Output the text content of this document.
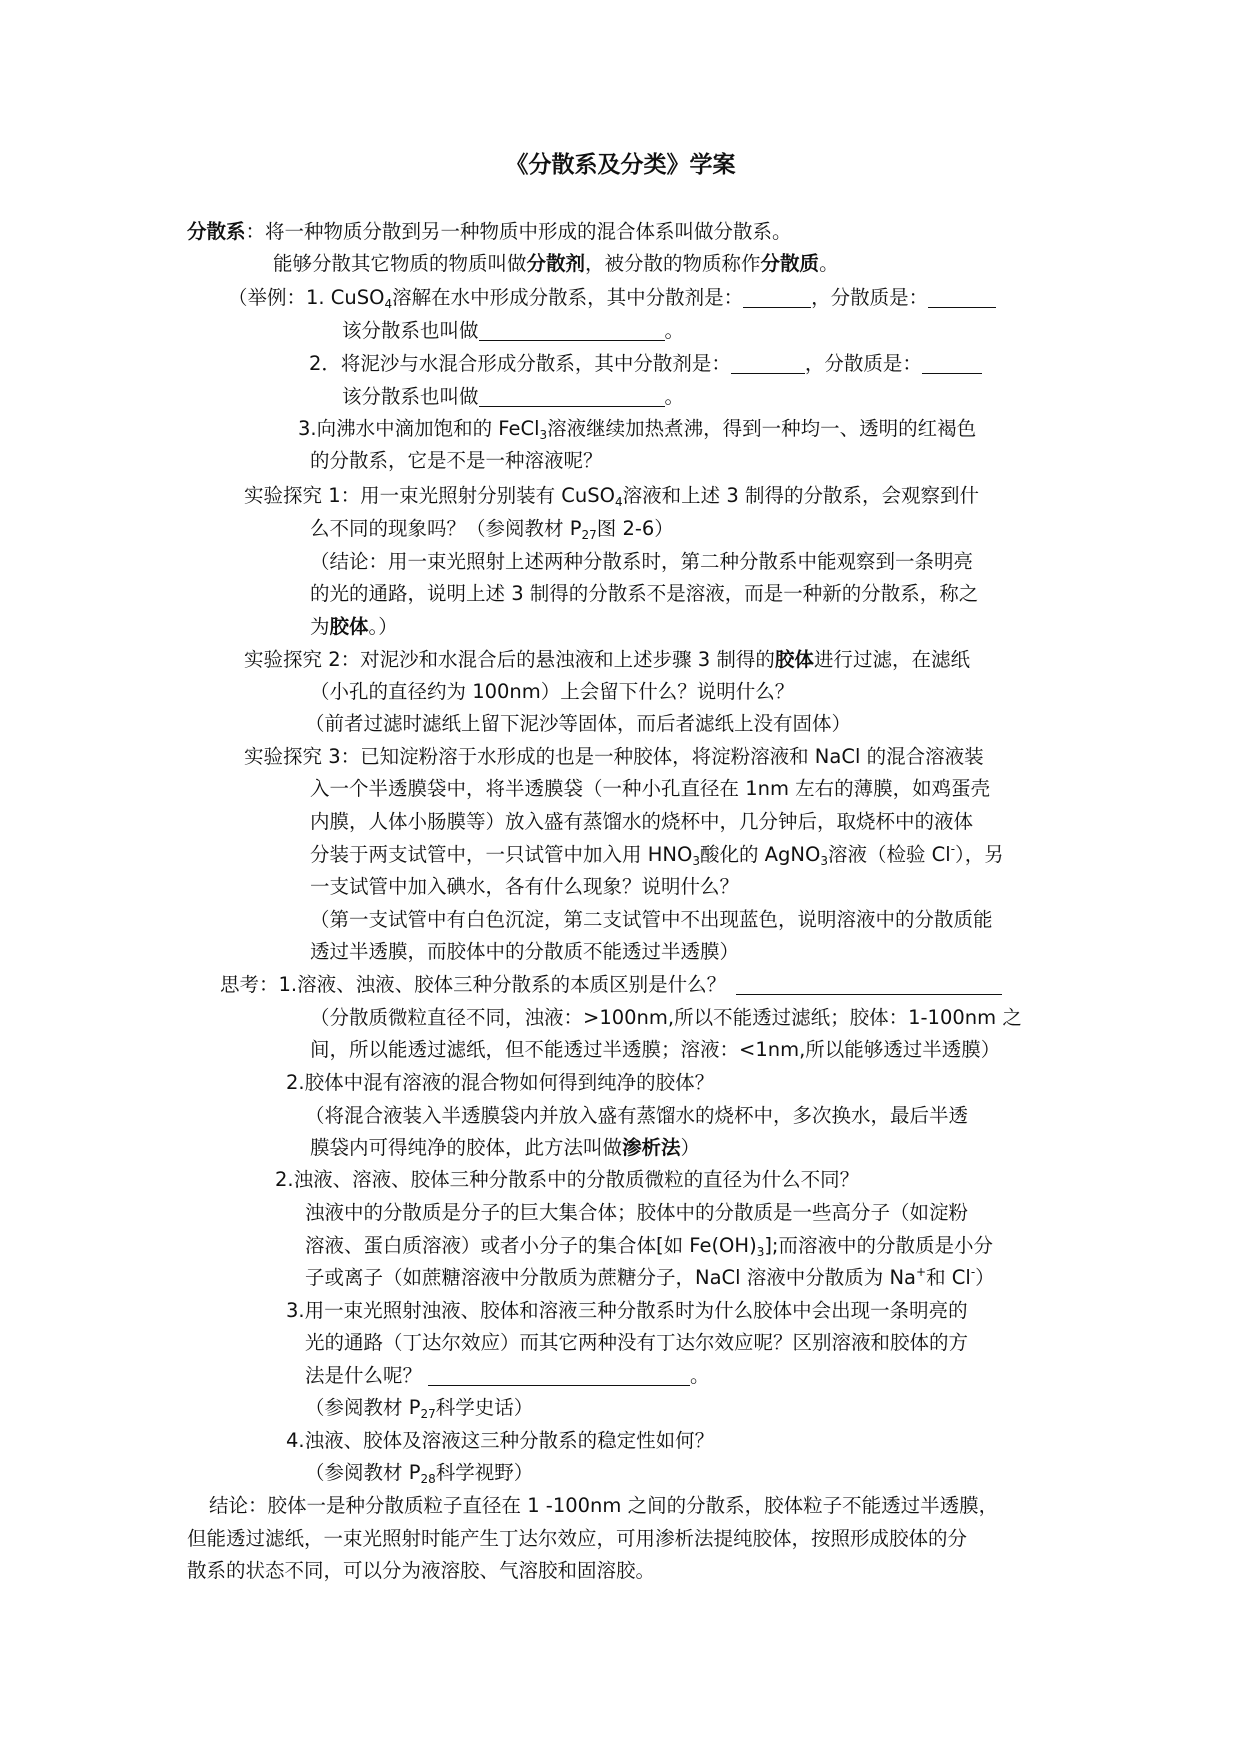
《分散系及分类》学案
分散系：将一种物质分散到另一种物质中形成的混合体系叫做分散系。
能够分散其它物质的物质叫做分散剂，被分散的物质称作分散质。
（举例：1. CuSO$_4$溶解在水中形成分散系，其中分散剂是：	，分散质是：
该分散系也叫做	。
2．将泥沙与水混合形成分散系，其中分散剂是：	，分散质是：
该分散系也叫做	。
3.向沸水中滴加饱和的 FeCl$_3$溶液继续加热煮沸，得到一种均一、透明的红褐色
的分散系，它是不是一种溶液呢？
实验探究 1：用一束光照射分别装有 CuSO$_4$溶液和上述 3 制得的分散系，会观察到什
么不同的现象吗？（参阅教材 $P_{27}$图 2-6）
（结论：用一束光照射上述两种分散系时，第二种分散系中能观察到一条明亮
的光的通路，说明上述 3 制得的分散系不是溶液，而是一种新的分散系，称之
为胶体。）
实验探究 2：对泥沙和水混合后的悬浊液和上述步骤 3 制得的胶体进行过滤，在滤纸
（小孔的直径约为 100nm）上会留下什么？说明什么？
（前者过滤时滤纸上留下泥沙等固体，而后者滤纸上没有固体）
实验探究 3：已知淀粉溶于水形成的也是一种胶体，将淀粉溶液和 NaCl 的混合溶液装
入一个半透膜袋中，将半透膜袋（一种小孔直径在 1nm 左右的薄膜，如鸡蛋壳
内膜，人体小肠膜等）放入盛有蒸馏水的烧杯中，几分钟后，取烧杯中的液体
分装于两支试管中，一只试管中加入用 $HNO_3$酸化的 AgNO$_3$溶液（检验 Cl-），另
一支试管中加入碘水，各有什么现象？说明什么？
（第一支试管中有白色沉淀，第二支试管中不出现蓝色，说明溶液中的分散质能
透过半透膜，而胶体中的分散质不能透过半透膜）
思考：1.溶液、浊液、胶体三种分散系的本质区别是什么？
（分散质微粒直径不同，浊液：>100nm,所以不能透过滤纸；胶体：1-100nm 之
间，所以能透过滤纸，但不能透过半透膜；溶液：<1nm,所以能够透过半透膜）
2.胶体中混有溶液的混合物如何得到纯净的胶体？
（将混合液装入半透膜袋内并放入盛有蒸馏水的烧杯中，多次换水，最后半透
膜袋内可得纯净的胶体，此方法叫做渗析法）
2.浊液、溶液、胶体三种分散系中的分散质微粒的直径为什么不同？
浊液中的分散质是分子的巨大集合体；胶体中的分散质是一些高分子（如淀粉
溶液、蛋白质溶液）或者小分子的集合体[如 $Fe(OH)_3$];而溶液中的分散质是小分
子或离子（如蔗糖溶液中分散质为蔗糖分子，NaCl 溶液中分散质为 Na+和 Cl-）
3.用一束光照射浊液、胶体和溶液三种分散系时为什么胶体中会出现一条明亮的
光的通路（丁达尔效应）而其它两种没有丁达尔效应呢？区别溶液和胶体的方
法是什么呢？	。
（参阅教材 $P_{27}$科学史话）
4.浊液、胶体及溶液这三种分散系的稳定性如何？
（参阅教材 $P_{28}$科学视野）
结论：胶体一是种分散质粒子直径在 1 -100nm 之间的分散系，胶体粒子不能透过半透膜，
但能透过滤纸，一束光照射时能产生丁达尔效应，可用渗析法提纯胶体，按照形成胶体的分
散系的状态不同，可以分为液溶胶、气溶胶和固溶胶。
